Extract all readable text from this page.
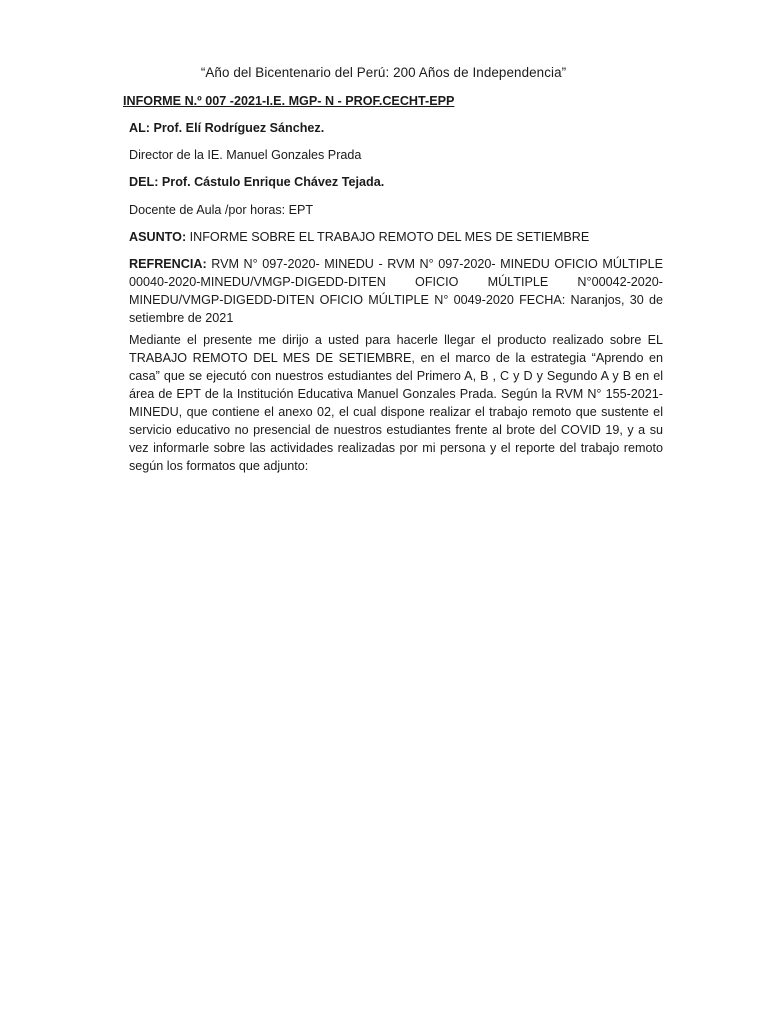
“Año del Bicentenario del Perú: 200 Años de Independencia”
INFORME N.º 007 -2021-I.E. MGP- N - PROF.CECHT-EPP
AL: Prof. Elí Rodríguez Sánchez.
Director de la IE. Manuel Gonzales Prada
DEL: Prof. Cástulo Enrique Chávez Tejada.
Docente de Aula /por horas: EPT
ASUNTO: INFORME SOBRE EL TRABAJO REMOTO DEL MES DE SETIEMBRE
REFRENCIA: RVM N° 097-2020- MINEDU - RVM N° 097-2020- MINEDU OFICIO MÚLTIPLE 00040-2020-MINEDU/VMGP-DIGEDD-DITEN OFICIO MÚLTIPLE N°00042-2020-MINEDU/VMGP-DIGEDD-DITEN OFICIO MÚLTIPLE N° 0049-2020 FECHA: Naranjos, 30 de setiembre de 2021
Mediante el presente me dirijo a usted para hacerle llegar el producto realizado sobre EL TRABAJO REMOTO DEL MES DE SETIEMBRE, en el marco de la estrategia “Aprendo en casa” que se ejecutó con nuestros estudiantes del Primero A, B , C y D y Segundo A y B en el área de EPT de la Institución Educativa Manuel Gonzales Prada. Según la RVM N° 155-2021-MINEDU, que contiene el anexo 02, el cual dispone realizar el trabajo remoto que sustente el servicio educativo no presencial de nuestros estudiantes frente al brote del COVID 19, y a su vez informarle sobre las actividades realizadas por mi persona y el reporte del trabajo remoto según los formatos que adjunto:
